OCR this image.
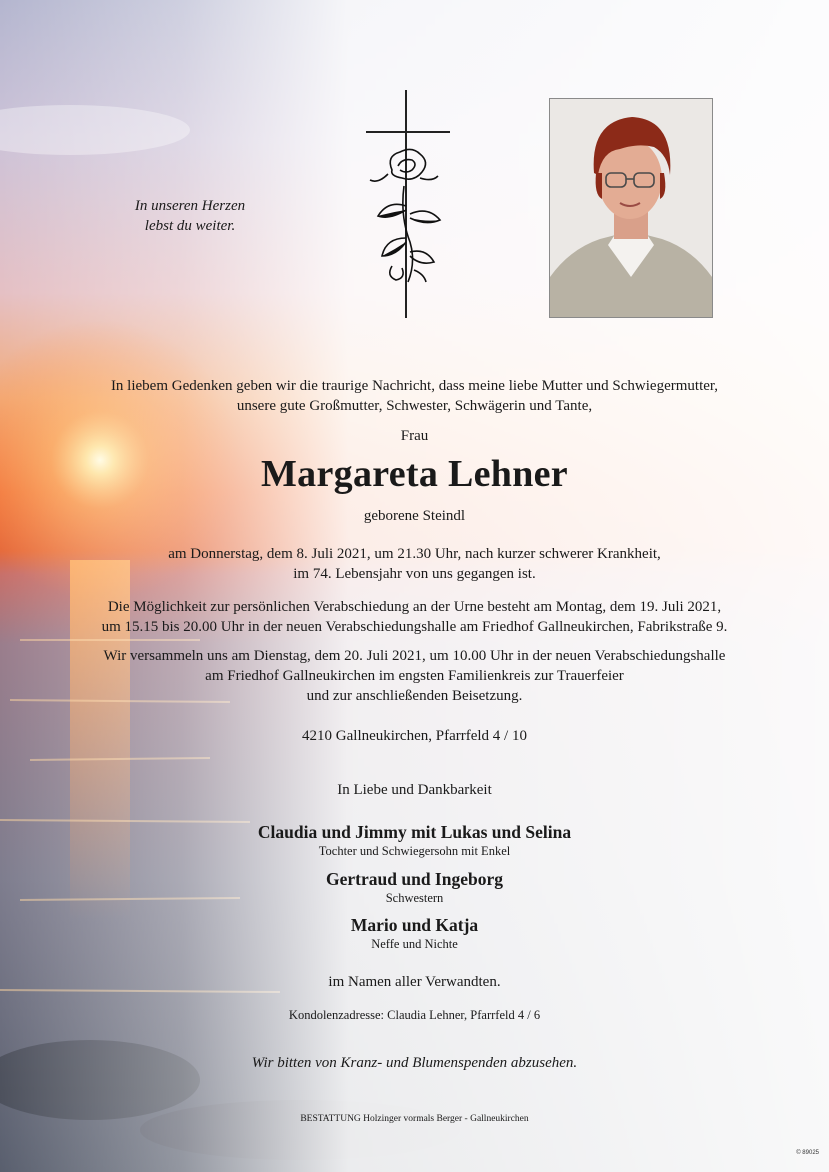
In unseren Herzen
lebst du weiter.
In liebem Gedenken geben wir die traurige Nachricht, dass meine liebe Mutter und Schwiegermutter,
unsere gute Großmutter, Schwester, Schwägerin und Tante,
Frau
Margareta Lehner
geborene Steindl
am Donnerstag, dem 8. Juli 2021, um 21.30 Uhr, nach kurzer schwerer Krankheit,
im 74. Lebensjahr von uns gegangen ist.
Die Möglichkeit zur persönlichen Verabschiedung an der Urne besteht am Montag, dem 19. Juli 2021,
um 15.15 bis 20.00 Uhr in der neuen Verabschiedungshalle am Friedhof Gallneukirchen, Fabrikstraße 9.
Wir versammeln uns am Dienstag, dem 20. Juli 2021, um 10.00 Uhr in der neuen Verabschiedungshalle
am Friedhof Gallneukirchen im engsten Familienkreis zur Trauerfeier
und zur anschließenden Beisetzung.
4210 Gallneukirchen, Pfarrfeld 4 / 10
In Liebe und Dankbarkeit
Claudia und Jimmy mit Lukas und Selina
Tochter und Schwiegersohn mit Enkel
Gertraud und Ingeborg
Schwestern
Mario und Katja
Neffe und Nichte
im Namen aller Verwandten.
Kondolenzadresse: Claudia Lehner, Pfarrfeld 4 / 6
Wir bitten von Kranz- und Blumenspenden abzusehen.
BESTATTUNG Holzinger vormals Berger - Gallneukirchen
© 89025
